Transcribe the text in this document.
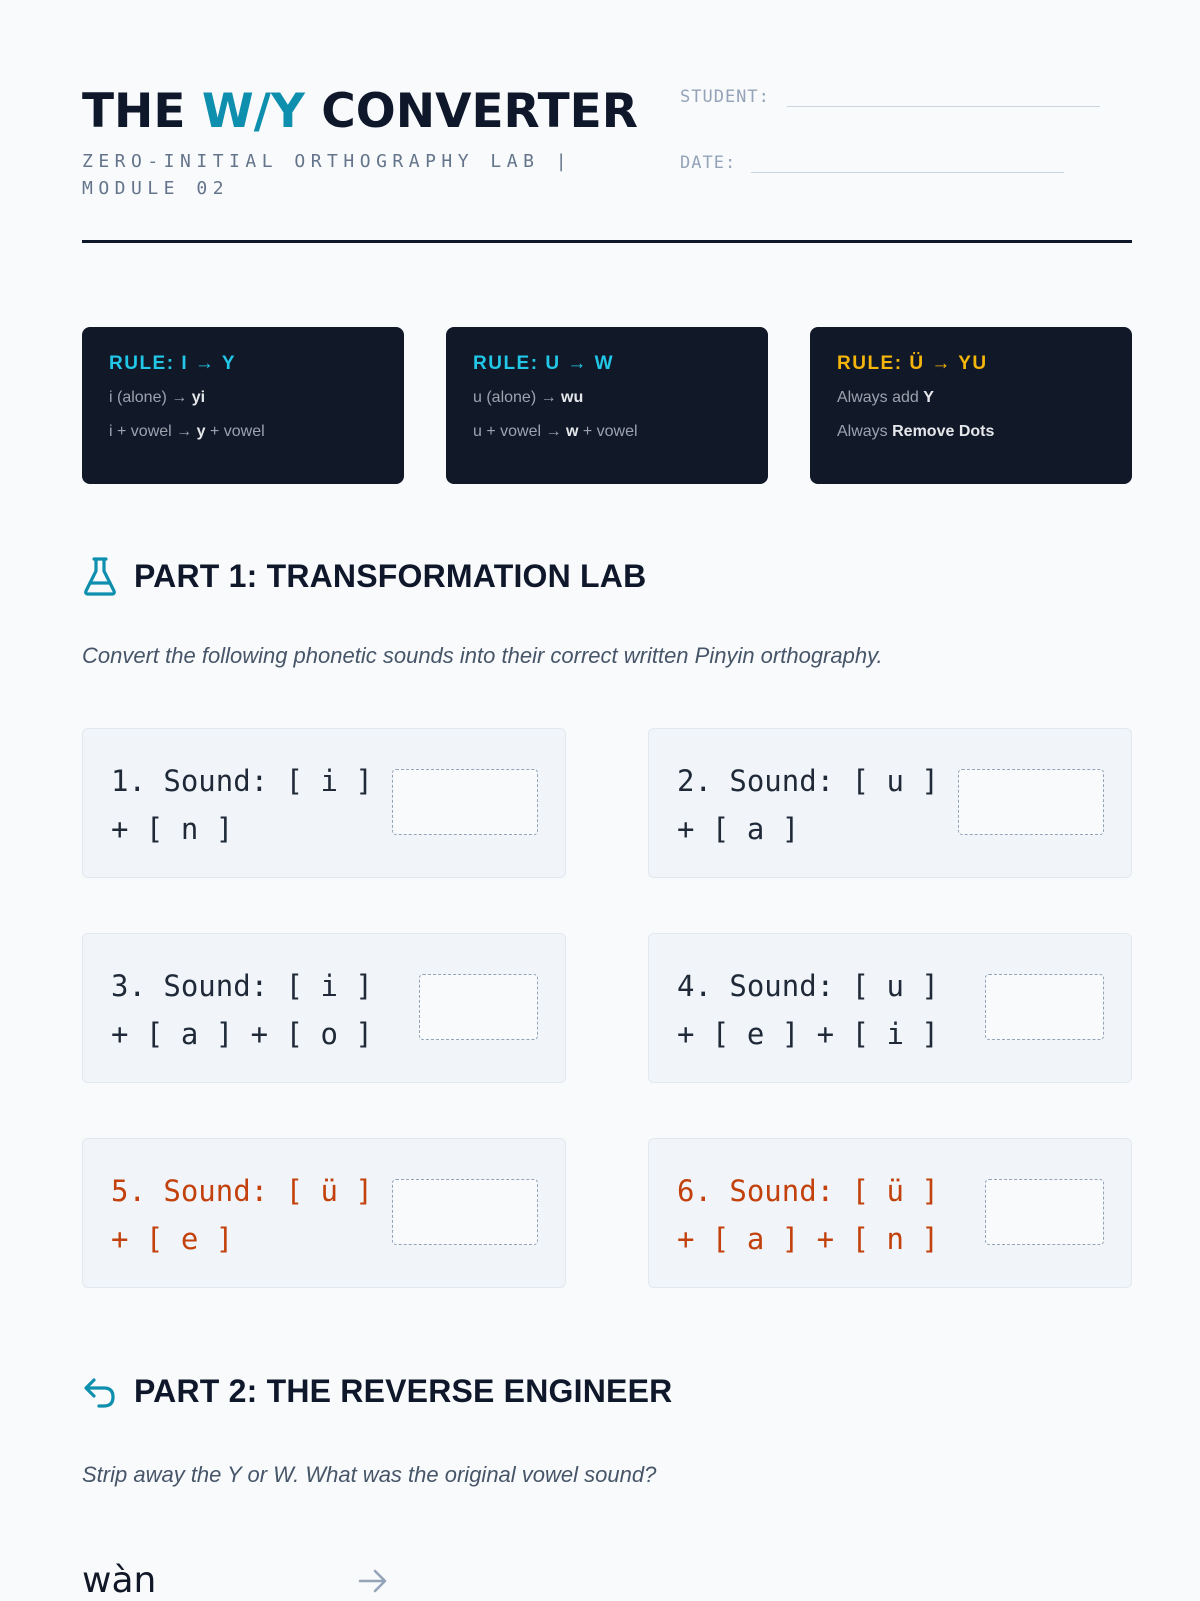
THE W/Y CONVERTER
ZERO-INITIAL ORTHOGRAPHY LAB | MODULE 02
STUDENT:
DATE:
RULE: I → Y
i (alone) → yi
i + vowel → y + vowel
RULE: U → W
u (alone) → wu
u + vowel → w + vowel
RULE: Ü → YU
Always add Y
Always Remove Dots
PART 1: TRANSFORMATION LAB
Convert the following phonetic sounds into their correct written Pinyin orthography.
1. Sound: [ i ]
+ [ n ]
2. Sound: [ u ]
+ [ a ]
3. Sound: [ i ]
+ [ a ] + [ o ]
4. Sound: [ u ]
+ [ e ] + [ i ]
5. Sound: [ ü ]
+ [ e ]
6. Sound: [ ü ]
+ [ a ] + [ n ]
PART 2: THE REVERSE ENGINEER
Strip away the Y or W. What was the original vowel sound?
wàn
